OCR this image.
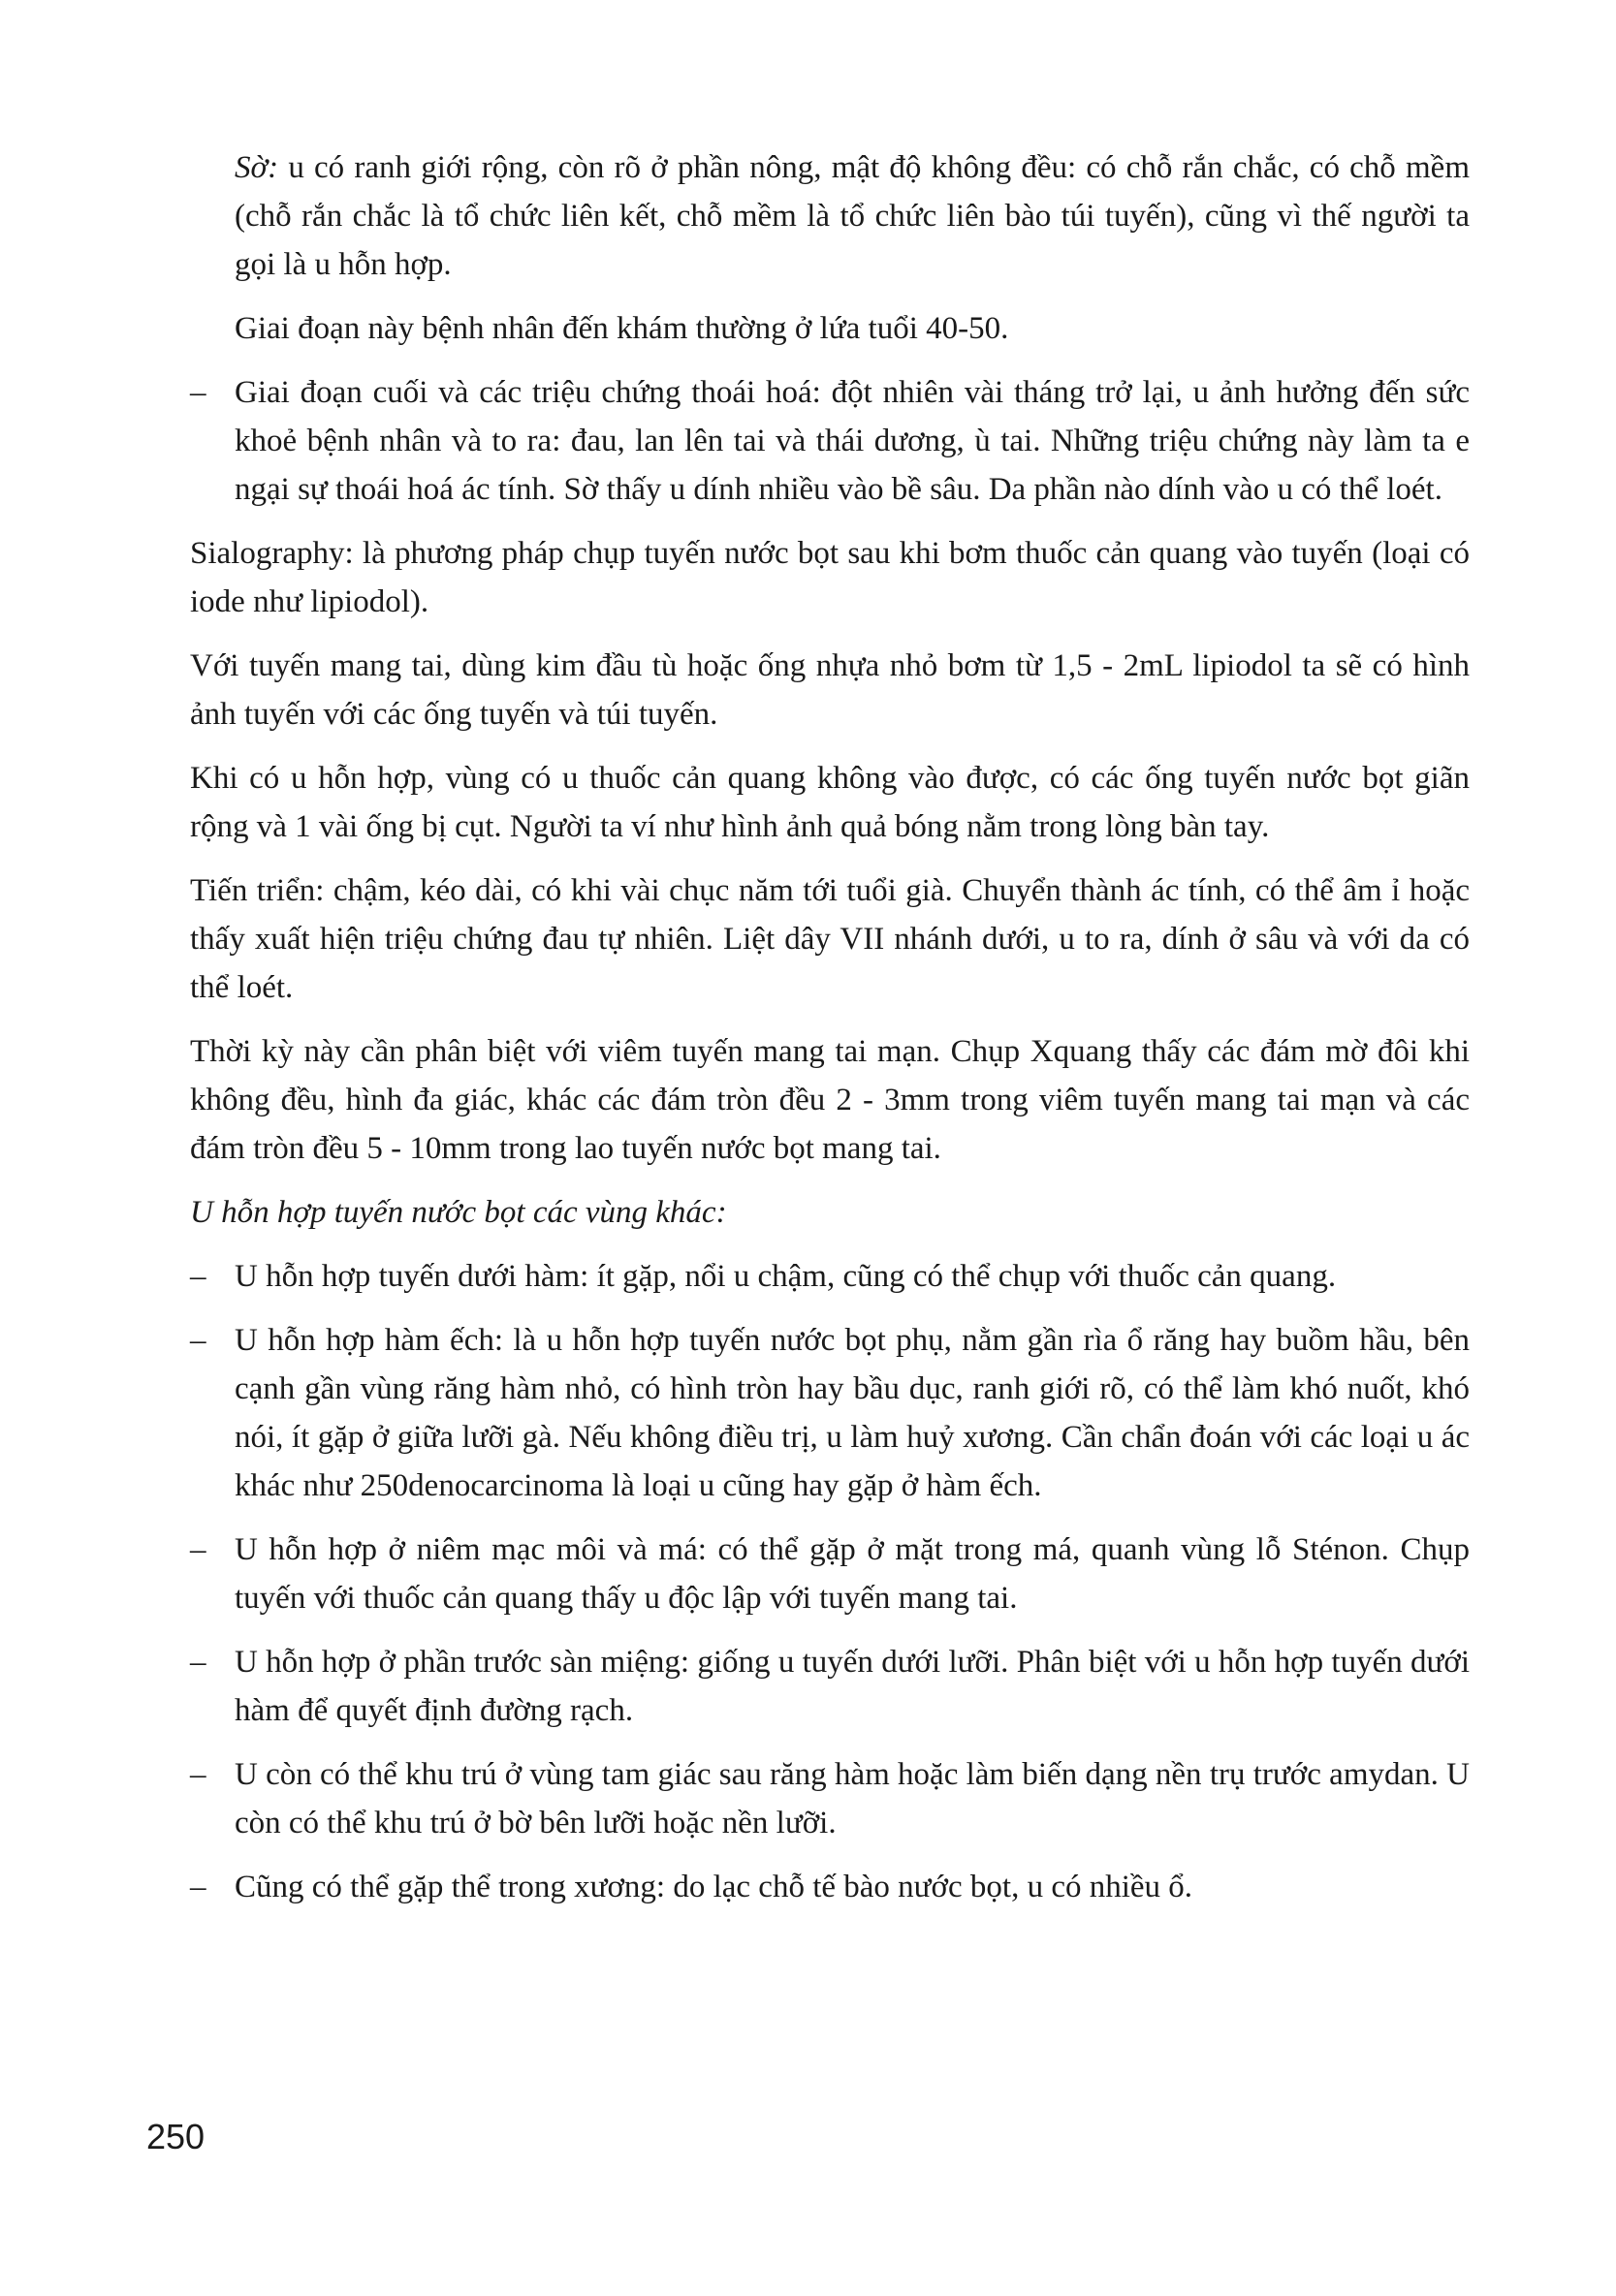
Sờ: u có ranh giới rộng, còn rõ ở phần nông, mật độ không đều: có chỗ rắn chắc, có chỗ mềm (chỗ rắn chắc là tổ chức liên kết, chỗ mềm là tổ chức liên bào túi tuyến), cũng vì thế người ta gọi là u hỗn hợp.

Giai đoạn này bệnh nhân đến khám thường ở lứa tuổi 40-50.

– Giai đoạn cuối và các triệu chứng thoái hoá: đột nhiên vài tháng trở lại, u ảnh hưởng đến sức khoẻ bệnh nhân và to ra: đau, lan lên tai và thái dương, ù tai. Những triệu chứng này làm ta e ngại sự thoái hoá ác tính. Sờ thấy u dính nhiều vào bề sâu. Da phần nào dính vào u có thể loét.

Sialography: là phương pháp chụp tuyến nước bọt sau khi bơm thuốc cản quang vào tuyến (loại có iode như lipiodol).

Với tuyến mang tai, dùng kim đầu tù hoặc ống nhựa nhỏ bơm từ 1,5 - 2mL lipiodol ta sẽ có hình ảnh tuyến với các ống tuyến và túi tuyến.

Khi có u hỗn hợp, vùng có u thuốc cản quang không vào được, có các ống tuyến nước bọt giãn rộng và 1 vài ống bị cụt. Người ta ví như hình ảnh quả bóng nằm trong lòng bàn tay.

Tiến triển: chậm, kéo dài, có khi vài chục năm tới tuổi già. Chuyển thành ác tính, có thể âm ỉ hoặc thấy xuất hiện triệu chứng đau tự nhiên. Liệt dây VII nhánh dưới, u to ra, dính ở sâu và với da có thể loét.

Thời kỳ này cần phân biệt với viêm tuyến mang tai mạn. Chụp Xquang thấy các đám mờ đôi khi không đều, hình đa giác, khác các đám tròn đều 2 - 3mm trong viêm tuyến mang tai mạn và các đám tròn đều 5 - 10mm trong lao tuyến nước bọt mang tai.

U hỗn hợp tuyến nước bọt các vùng khác:

– U hỗn hợp tuyến dưới hàm: ít gặp, nổi u chậm, cũng có thể chụp với thuốc cản quang.
– U hỗn hợp hàm ếch: là u hỗn hợp tuyến nước bọt phụ, nằm gần rìa ổ răng hay buồm hầu, bên cạnh gần vùng răng hàm nhỏ, có hình tròn hay bầu dục, ranh giới rõ, có thể làm khó nuốt, khó nói, ít gặp ở giữa lưỡi gà. Nếu không điều trị, u làm huỷ xương. Cần chẩn đoán với các loại u ác khác như 250denocarcinoma là loại u cũng hay gặp ở hàm ếch.
– U hỗn hợp ở niêm mạc môi và má: có thể gặp ở mặt trong má, quanh vùng lỗ Sténon. Chụp tuyến với thuốc cản quang thấy u độc lập với tuyến mang tai.
– U hỗn hợp ở phần trước sàn miệng: giống u tuyến dưới lưỡi. Phân biệt với u hỗn hợp tuyến dưới hàm để quyết định đường rạch.
– U còn có thể khu trú ở vùng tam giác sau răng hàm hoặc làm biến dạng nền trụ trước amydan. U còn có thể khu trú ở bờ bên lưỡi hoặc nền lưỡi.
– Cũng có thể gặp thể trong xương: do lạc chỗ tế bào nước bọt, u có nhiều ổ.
250
